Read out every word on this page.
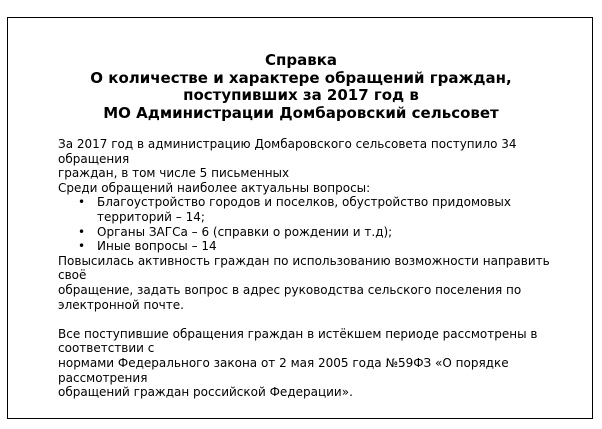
Справка
О количестве и характере обращений граждан,
поступивших за 2017 год в
МО Администрации Домбаровский сельсовет
За 2017 год в администрацию Домбаровского сельсовета поступило 34
обращения
граждан, в том числе 5 письменных
Среди обращений наиболее актуальны вопросы:
• Благоустройство городов и поселков, обустройство придомовых
территорий – 14;
• Органы ЗАГСа – 6 (справки о рождении и т.д);
• Иные вопросы – 14
Повысилась активность граждан по использованию возможности направить
своё
обращение, задать вопрос в адрес руководства сельского поселения по
электронной почте.
Все поступившие обращения граждан в истёкшем периоде рассмотрены в
соответствии с
нормами Федерального закона от 2 мая 2005 года №59ФЗ «О порядке
рассмотрения
обращений граждан российской Федерации».
